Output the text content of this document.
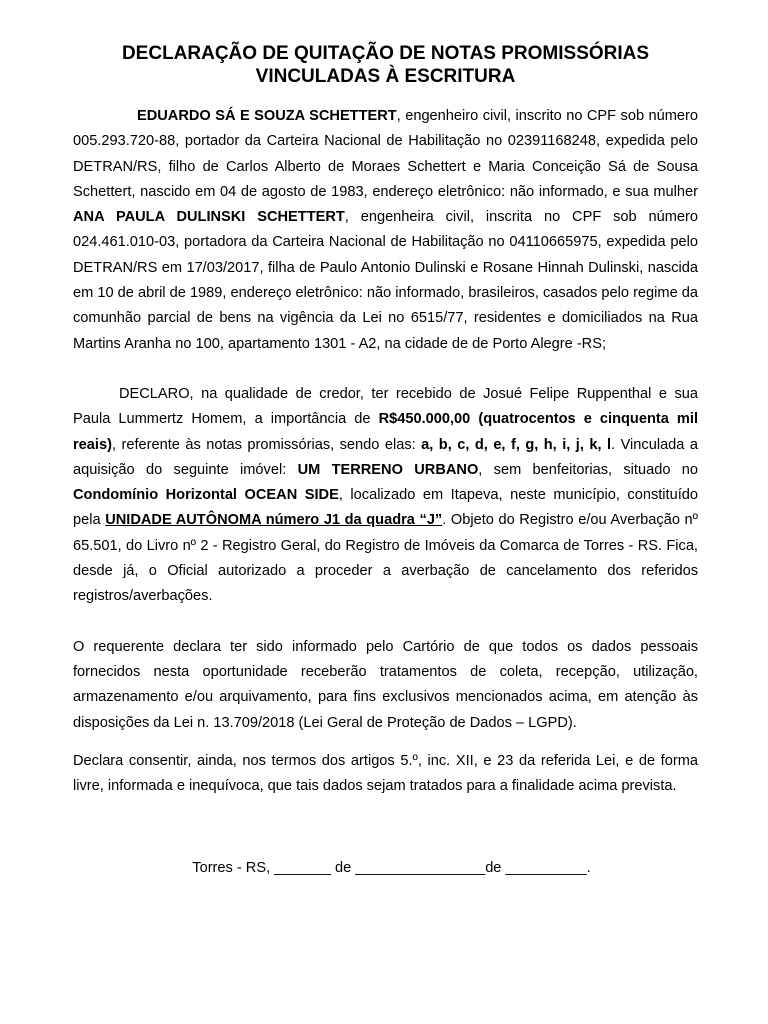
DECLARAÇÃO DE QUITAÇÃO DE NOTAS PROMISSÓRIAS
VINCULADAS À ESCRITURA

EDUARDO SÁ E SOUZA SCHETTERT, engenheiro civil, inscrito no CPF sob número 005.293.720-88, portador da Carteira Nacional de Habilitação no 02391168248, expedida pelo DETRAN/RS, filho de Carlos Alberto de Moraes Schettert e Maria Conceição Sá de Sousa Schettert, nascido em 04 de agosto de 1983, endereço eletrônico: não informado, e sua mulher ANA PAULA DULINSKI SCHETTERT, engenheira civil, inscrita no CPF sob número 024.461.010-03, portadora da Carteira Nacional de Habilitação no 04110665975, expedida pelo DETRAN/RS em 17/03/2017, filha de Paulo Antonio Dulinski e Rosane Hinnah Dulinski, nascida em 10 de abril de 1989, endereço eletrônico: não informado, brasileiros, casados pelo regime da comunhão parcial de bens na vigência da Lei no 6515/77, residentes e domiciliados na Rua Martins Aranha no 100, apartamento 1301 - A2, na cidade de de Porto Alegre -RS;

DECLARO, na qualidade de credor, ter recebido de Josué Felipe Ruppenthal e sua Paula Lummertz Homem, a importância de R$450.000,00 (quatrocentos e cinquenta mil reais), referente às notas promissórias, sendo elas: a, b, c, d, e, f, g, h, i, j, k, l. Vinculada a aquisição do seguinte imóvel: UM TERRENO URBANO, sem benfeitorias, situado no Condomínio Horizontal OCEAN SIDE, localizado em Itapeva, neste município, constituído pela UNIDADE AUTÔNOMA número J1 da quadra “J”. Objeto do Registro e/ou Averbação nº 65.501, do Livro nº 2 - Registro Geral, do Registro de Imóveis da Comarca de Torres - RS. Fica, desde já, o Oficial autorizado a proceder a averbação de cancelamento dos referidos registros/averbações.

O requerente declara ter sido informado pelo Cartório de que todos os dados pessoais fornecidos nesta oportunidade receberão tratamentos de coleta, recepção, utilização, armazenamento e/ou arquivamento, para fins exclusivos mencionados acima, em atenção às disposições da Lei n. 13.709/2018 (Lei Geral de Proteção de Dados – LGPD).

Declara consentir, ainda, nos termos dos artigos 5.º, inc. XII, e 23 da referida Lei, e de forma livre, informada e inequívoca, que tais dados sejam tratados para a finalidade acima prevista.

Torres - RS, _______ de ________________de __________.
